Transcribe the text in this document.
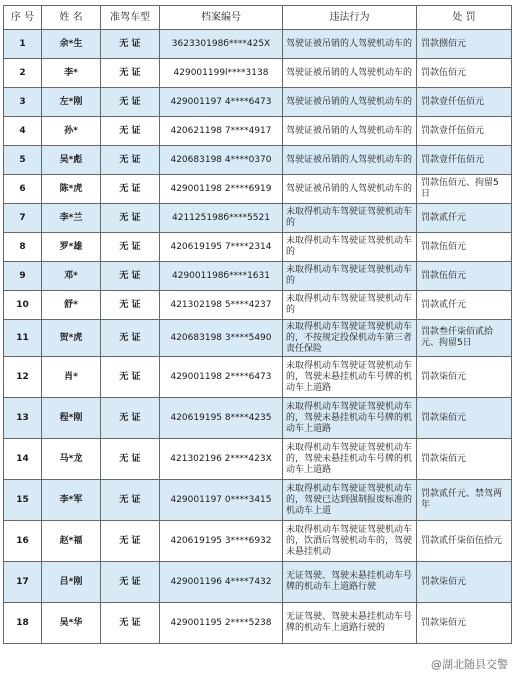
序 号	姓 名	准驾车型	档案编号	违法行为	处 罚
1	余*生	无 证	362330198б****425X	驾驶证被吊销的人驾驶机动车的	罚款捌佰元
2	李*	无 证	429001199l****3138	驾驶证被吊销的人驾驶机动车的	罚款伍佰元
3	左*刚	无 证	429001197 4****6473	驾驶证被吊销的人驾驶机动车的	罚款壹仟伍佰元
4	孙*	无 证	420621198 7****4917	驾驶证被吊销的人驾驶机动车的	罚款壹仟伍佰元
5	吴*彪	无 证	420683198 4****0370	驾驶证被吊销的人驾驶机动车的	罚款壹仟伍佰元
6	陈*虎	无 证	429001198 2****6919	驾驶证被吊销的人驾驶机动车的	罚款伍佰元、拘留5日
7	李*兰	无 证	421125198б****5521	未取得机动车驾驶证驾驶机动车的	罚款贰仟元
8	罗*雄	无 证	420619195 7****2314	未取得机动车驾驶证驾驶机动车的	罚款伍佰元
9	邓*	无 证	429001198б****1631	未取得机动车驾驶证驾驶机动车的	罚款伍佰元
10	舒*	无 证	421302198 5****4237	未取得机动车驾驶证驾驶机动车的	罚款贰仟元
11	贺*虎	无 证	420683198 3****5490	未取得机动车驾驶证驾驶机动车的，不按规定投保机动车第三者责任保险	罚款叁仟柒佰贰拾元、拘留5日
12	肖*	无 证	429001198 2****6473	未取得机动车驾驶证驾驶机动车的，驾驶未悬挂机动车号牌的机动车上道路	罚款柒佰元
13	程*刚	无 证	420619195 8****4235	未取得机动车驾驶证驾驶机动车的，驾驶未悬挂机动车号牌的机动车上道路	罚款柒佰元
14	马*龙	无 证	421302196 2****423X	未取得机动车驾驶证驾驶机动车的，驾驶未悬挂机动车号牌的机动车上道路	罚款柒佰元
15	李*军	无 证	429001197 0****3415	未取得机动车驾驶证驾驶机动车的，驾驶已达到强制报废标准的机动车上道	罚款贰仟元、禁驾两年
16	赵*福	无 证	420619195 3****6932	未取得机动车驾驶证驾驶机动车的，饮酒后驾驶机动车的，驾驶未悬挂机动	罚款贰仟柒佰伍拾元
17	吕*刚	无 证	429001196 4****7432	无证驾驶、驾驶未悬挂机动车号牌的机动车上道路行驶	罚款柒佰元
18	吴*华	无 证	429001195 2****5238	无证驾驶、驾驶未悬挂机动车号牌的机动车上道路行驶的	罚款柒佰元
@湖北随县交警
